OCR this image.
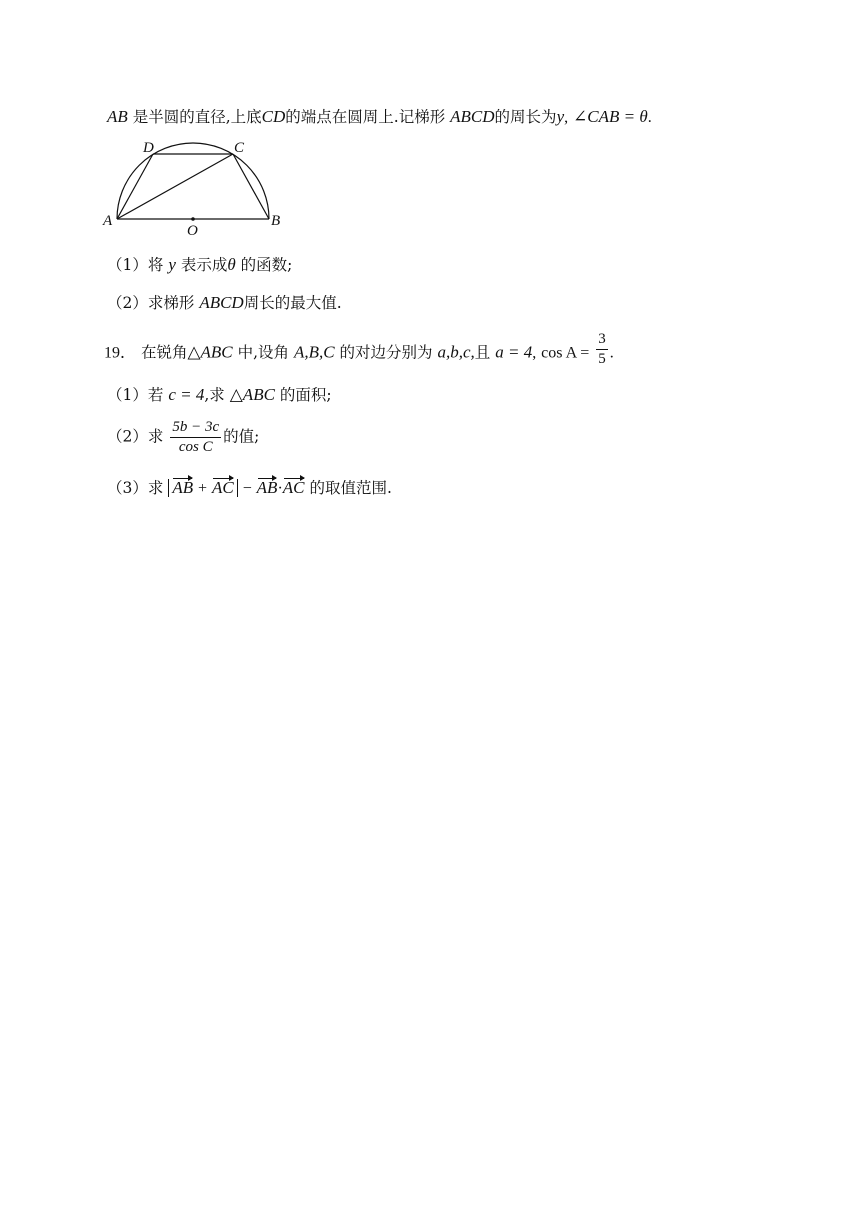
AB 是半圆的直径,上底CD的端点在圆周上.记梯形 ABCD的周长为y, ∠CAB = θ.
A	B
C
D
O
（1）将 y 表示成θ 的函数;
（2）求梯形 ABCD周长的最大值.
19． 在锐角△ABC 中,设角 A,B,C 的对边分别为 a,b,c,且 a = 4, $\cos A = \frac{3}{5}$ .
（1）若 c = 4,求 △ABC 的面积;
（2）求 $\frac{5b - 3c}{\text{cos C}}$ 的值;
（3）求 AB + AC − AB·AC 的取值范围.
